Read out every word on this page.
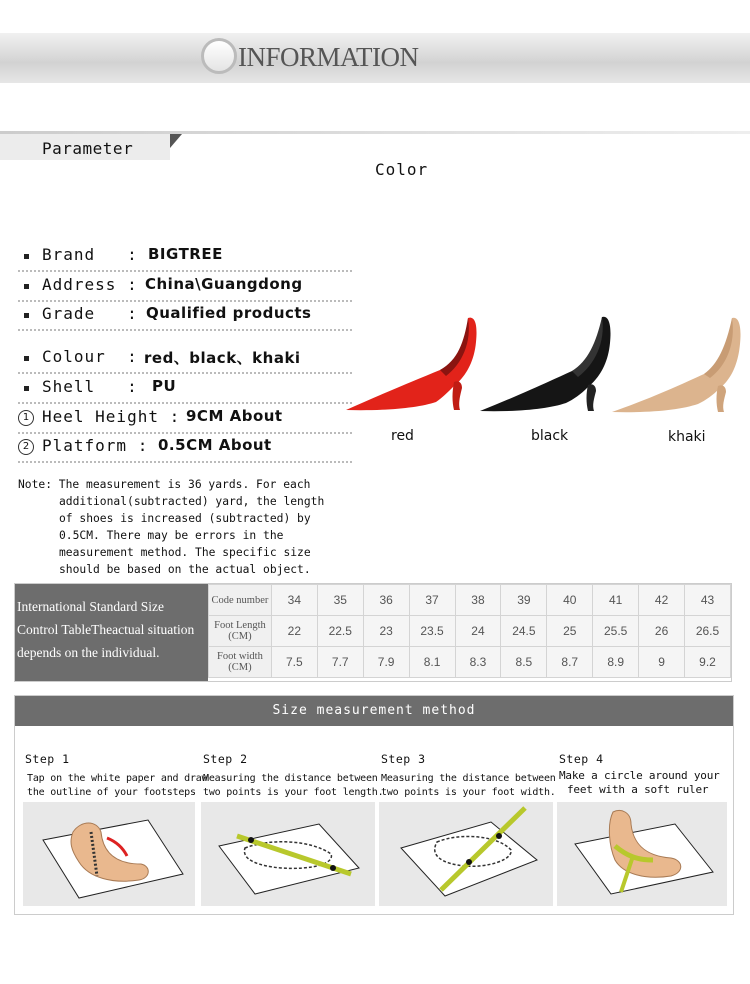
INFORMATION
Parameter
Color
Brand   : BIGTREE
Address : China\Guangdong
Grade   : Qualified products
Colour  : red、black、khaki
Shell   : PU
1 Heel Height : 9CM About
2 Platform : 0.5CM About	red	black	khaki
Note: The measurement is 36 yards. For each
additional(subtracted) yard, the length
of shoes is increased (subtracted) by
0.5CM. There may be errors in the
measurement method. The specific size
should be based on the actual object.
International Standard Size
Control TableTheactual situation
depends on the individual.
Code number	34	35	36	37	38	39	40	41	42	43
Foot Length (CM)	22	22.5	23	23.5	24	24.5	25	25.5	26	26.5
Foot width (CM)	7.5	7.7	7.9	8.1	8.3	8.5	8.7	8.9	9	9.2
Size measurement method
Step 1
Tap on the white paper and draw
the outline of your footsteps
Step 2
Measuring the distance between
two points is your foot length.
Step 3
Measuring the distance between
two points is your foot width.
Step 4
Make a circle around your
feet with a soft ruler
